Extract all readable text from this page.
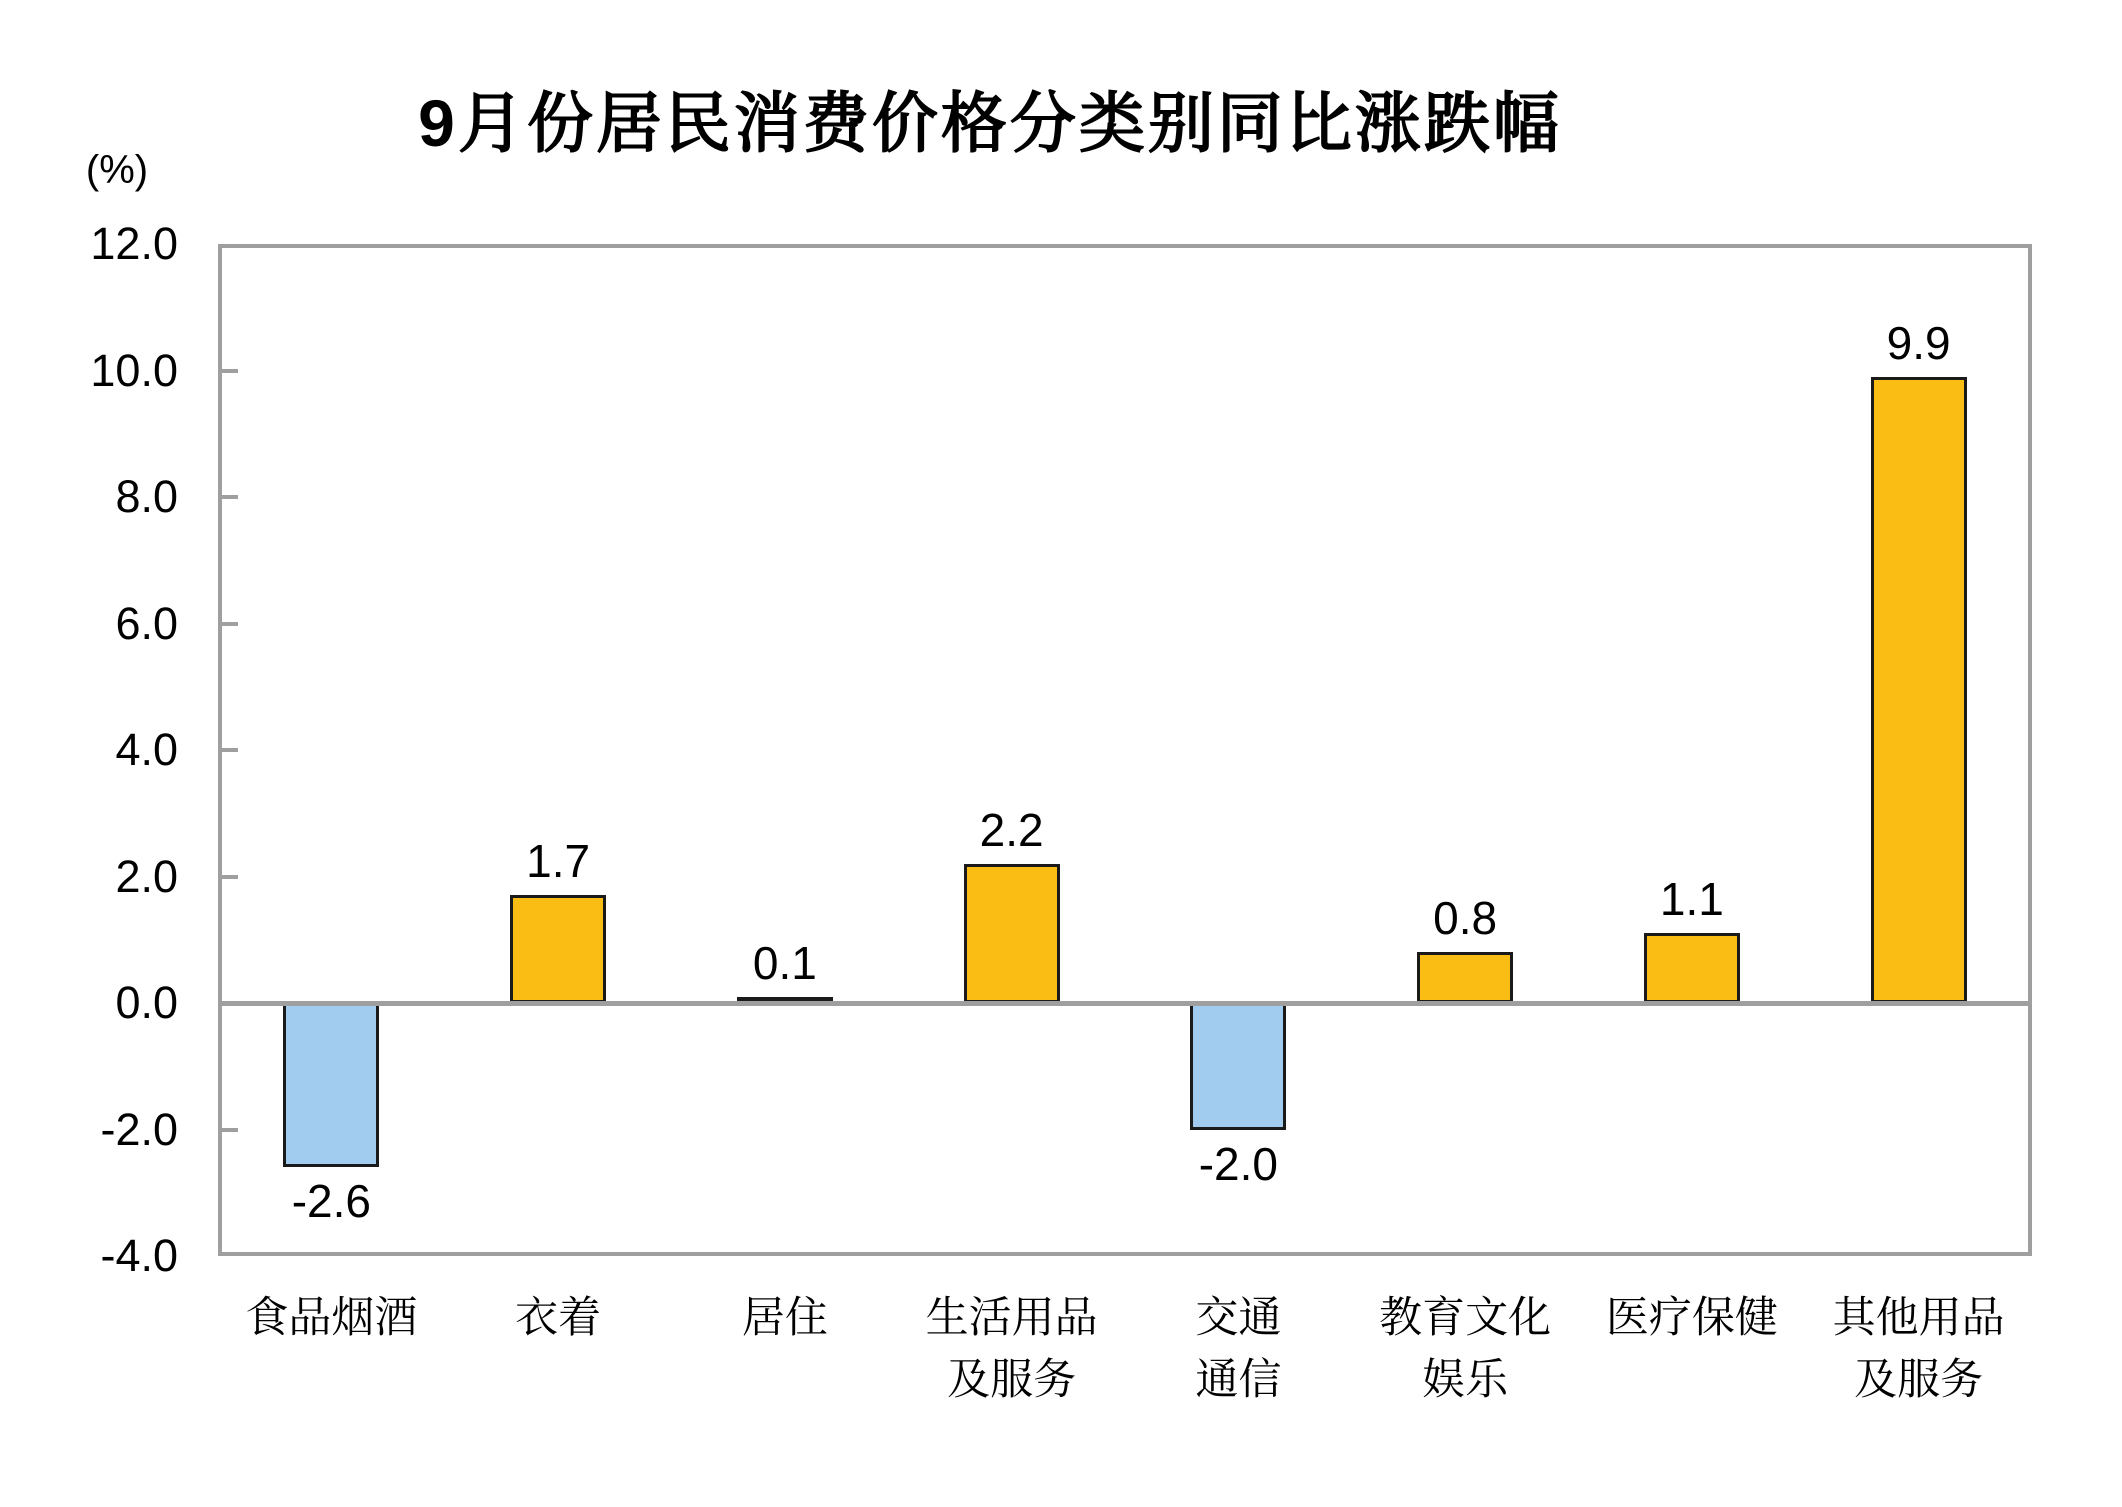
9月份居民消费价格分类别同比涨跌幅
(%)
12.0
10.0
8.0
6.0
4.0
2.0
0.0
-2.0
-4.0
-2.6
1.7
0.1
2.2
-2.0
0.8	1.1
9.9
食品烟酒	衣着	居住	生活用品
及服务
交通
通信
教育文化
娱乐
医疗保健	其他用品
及服务
